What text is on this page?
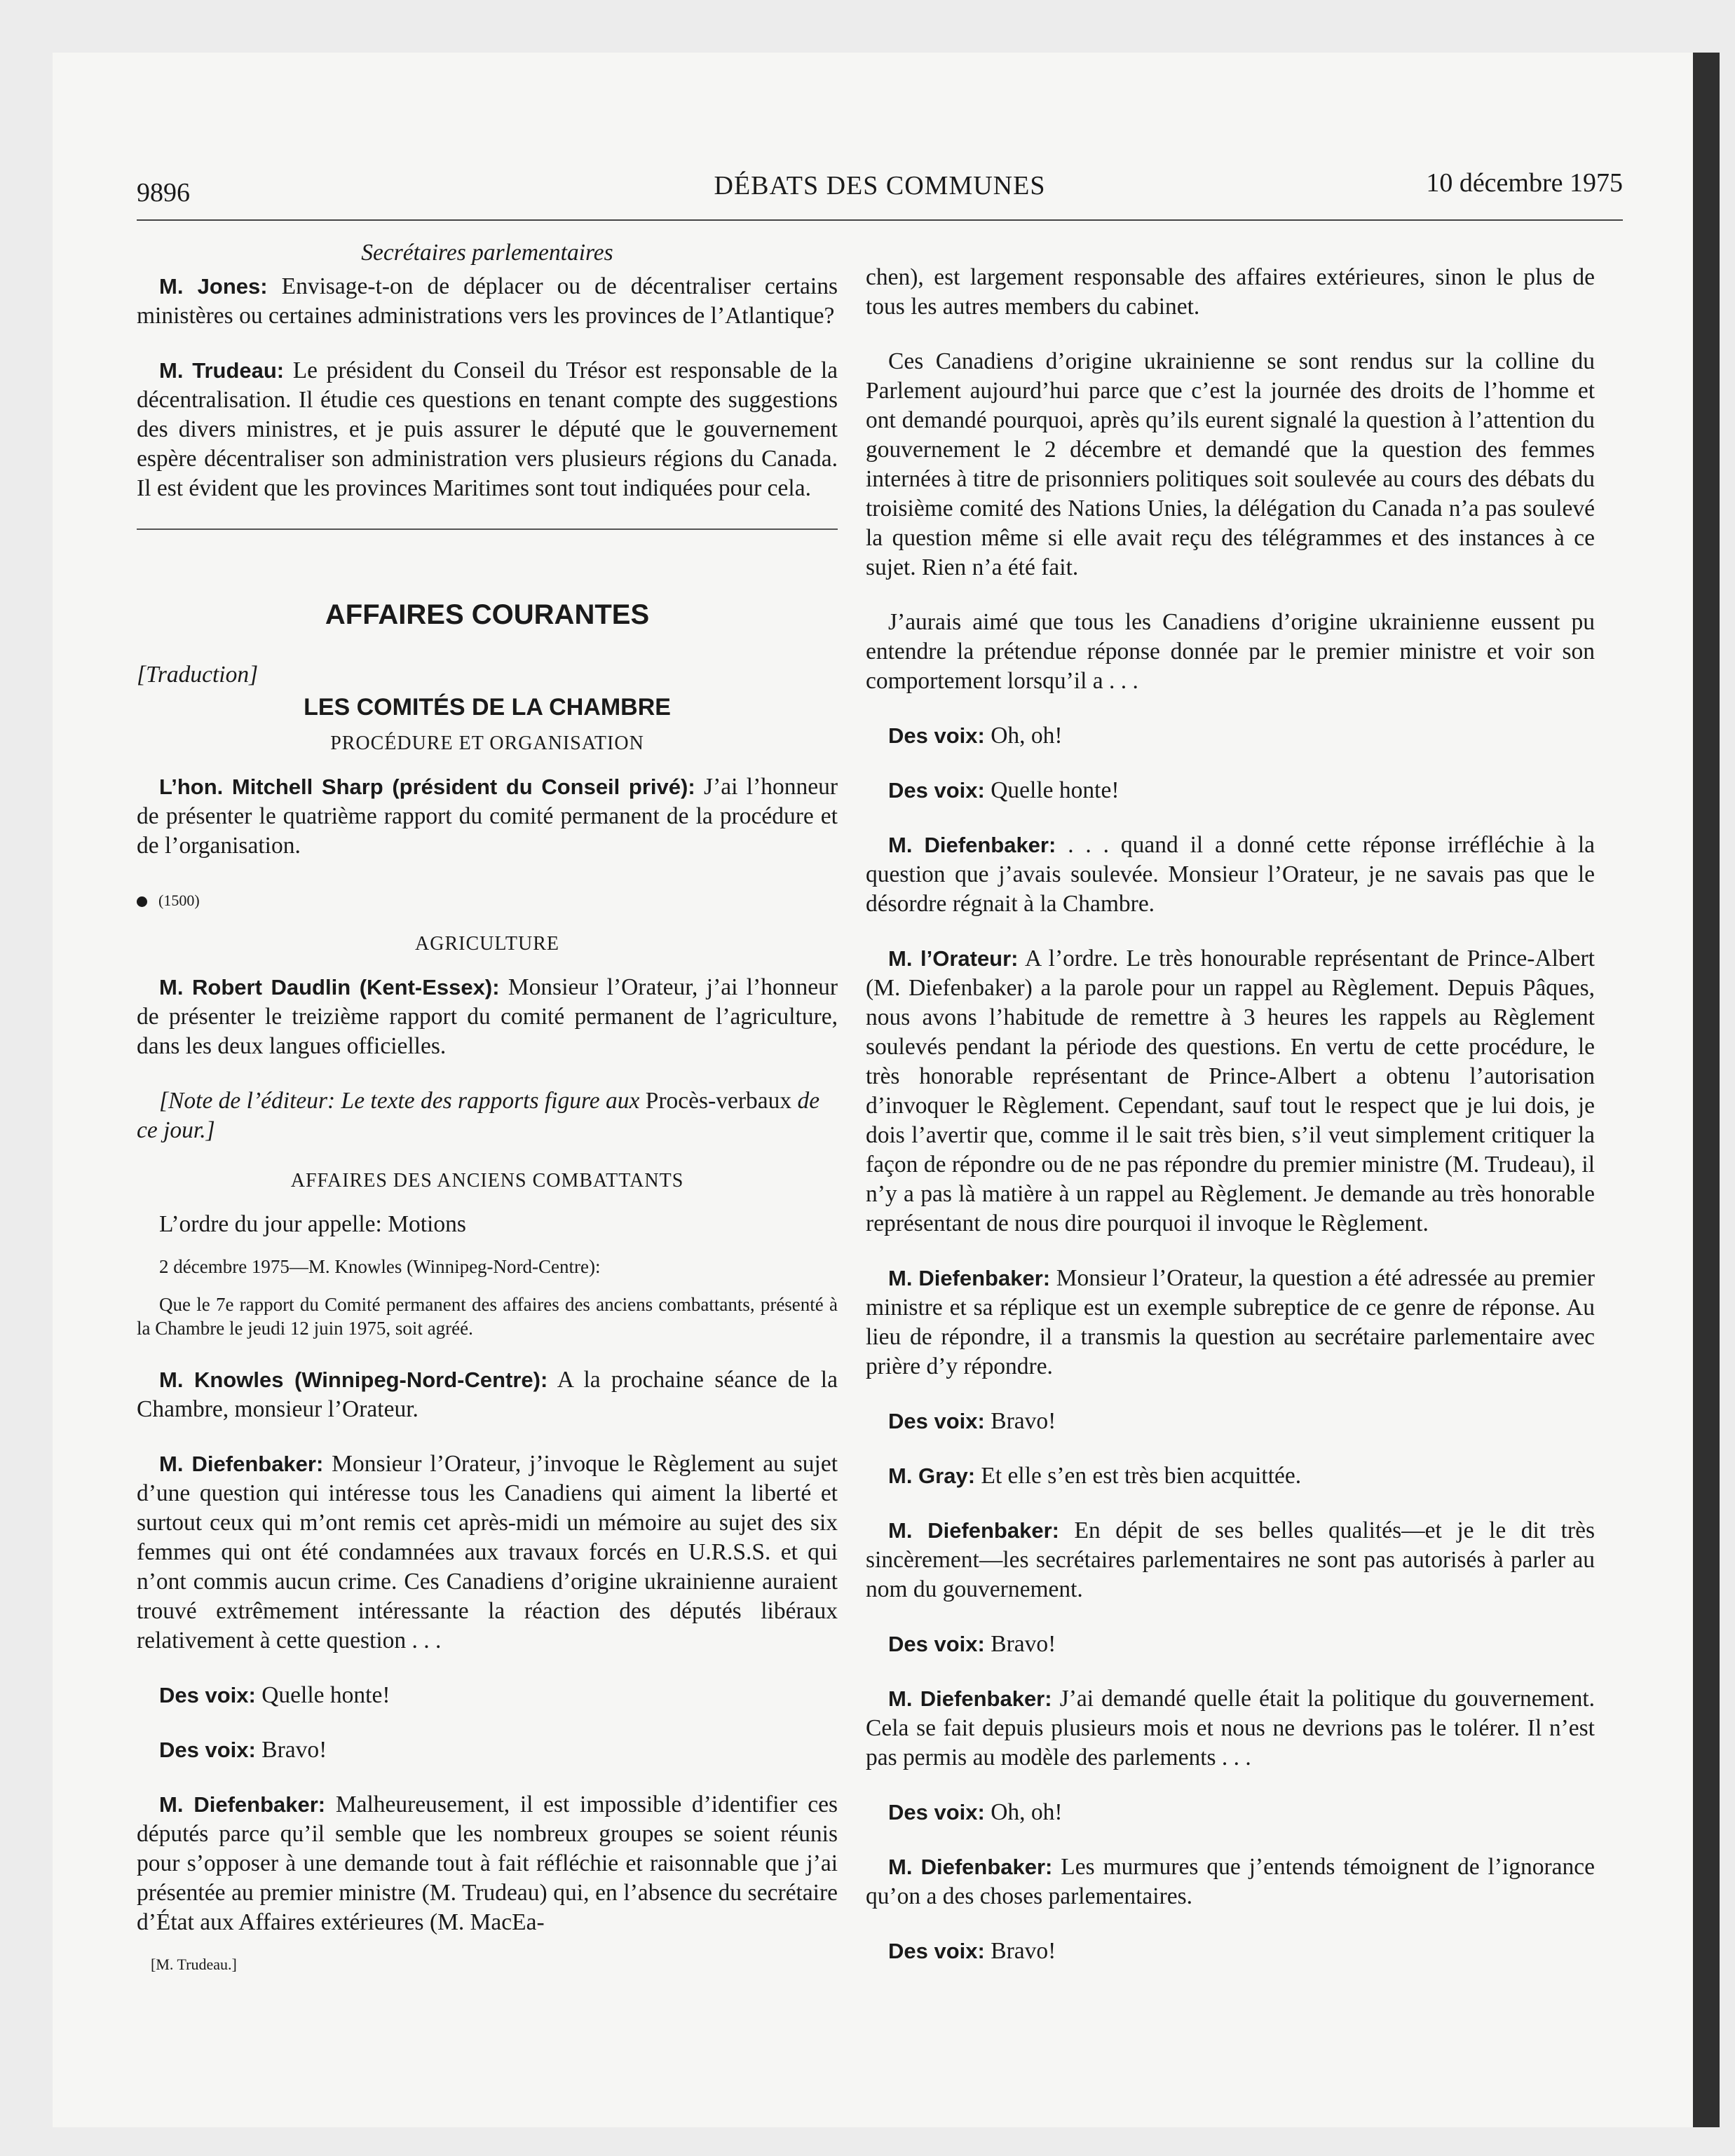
9896	DÉBATS DES COMMUNES	10 décembre 1975
Secrétaires parlementaires

M. Jones: Envisage-t-on de déplacer ou de décentraliser certains ministères ou certaines administrations vers les provinces de l’Atlantique?

M. Trudeau: Le président du Conseil du Trésor est responsable de la décentralisation. Il étudie ces questions en tenant compte des suggestions des divers ministres, et je puis assurer le député que le gouvernement espère décentraliser son administration vers plusieurs régions du Canada. Il est évident que les provinces Maritimes sont tout indiquées pour cela.

AFFAIRES COURANTES
[Traduction]
LES COMITÉS DE LA CHAMBRE
PROCÉDURE ET ORGANISATION

L’hon. Mitchell Sharp (président du Conseil privé): J’ai l’honneur de présenter le quatrième rapport du comité permanent de la procédure et de l’organisation.

(1500)
AGRICULTURE

M. Robert Daudlin (Kent-Essex): Monsieur l’Orateur, j’ai l’honneur de présenter le treizième rapport du comité permanent de l’agriculture, dans les deux langues officielles.

[Note de l’éditeur: Le texte des rapports figure aux Procès-verbaux de ce jour.]
AFFAIRES DES ANCIENS COMBATTANTS
L’ordre du jour appelle: Motions
2 décembre 1975—M. Knowles (Winnipeg-Nord-Centre):
Que le 7e rapport du Comité permanent des affaires des anciens combattants, présenté à la Chambre le jeudi 12 juin 1975, soit agréé.

M. Knowles (Winnipeg-Nord-Centre): A la prochaine séance de la Chambre, monsieur l’Orateur.

M. Diefenbaker: Monsieur l’Orateur, j’invoque le Règlement au sujet d’une question qui intéresse tous les Canadiens qui aiment la liberté et surtout ceux qui m’ont remis cet après-midi un mémoire au sujet des six femmes qui ont été condamnées aux travaux forcés en U.R.S.S. et qui n’ont commis aucun crime. Ces Canadiens d’origine ukrainienne auraient trouvé extrêmement intéressante la réaction des députés libéraux relativement à cette question . . .

Des voix: Quelle honte!

Des voix: Bravo!

M. Diefenbaker: Malheureusement, il est impossible d’identifier ces députés parce qu’il semble que les nombreux groupes se soient réunis pour s’opposer à une demande tout à fait réfléchie et raisonnable que j’ai présentée au premier ministre (M. Trudeau) qui, en l’absence du secrétaire d’État aux Affaires extérieures (M. MacEa-

[M. Trudeau.]

chen), est largement responsable des affaires extérieures, sinon le plus de tous les autres members du cabinet.

Ces Canadiens d’origine ukrainienne se sont rendus sur la colline du Parlement aujourd’hui parce que c’est la journée des droits de l’homme et ont demandé pourquoi, après qu’ils eurent signalé la question à l’attention du gouvernement le 2 décembre et demandé que la question des femmes internées à titre de prisonniers politiques soit soulevée au cours des débats du troisième comité des Nations Unies, la délégation du Canada n’a pas soulevé la question même si elle avait reçu des télégrammes et des instances à ce sujet. Rien n’a été fait.

J’aurais aimé que tous les Canadiens d’origine ukrainienne eussent pu entendre la prétendue réponse donnée par le premier ministre et voir son comportement lorsqu’il a . . .

Des voix: Oh, oh!

Des voix: Quelle honte!

M. Diefenbaker: . . . quand il a donné cette réponse irréfléchie à la question que j’avais soulevée. Monsieur l’Orateur, je ne savais pas que le désordre régnait à la Chambre.

M. l’Orateur: A l’ordre. Le très honourable représentant de Prince-Albert (M. Diefenbaker) a la parole pour un rappel au Règlement. Depuis Pâques, nous avons l’habitude de remettre à 3 heures les rappels au Règlement soulevés pendant la période des questions. En vertu de cette procédure, le très honorable représentant de Prince-Albert a obtenu l’autorisation d’invoquer le Règlement. Cependant, sauf tout le respect que je lui dois, je dois l’avertir que, comme il le sait très bien, s’il veut simplement critiquer la façon de répondre ou de ne pas répondre du premier ministre (M. Trudeau), il n’y a pas là matière à un rappel au Règlement. Je demande au très honorable représentant de nous dire pourquoi il invoque le Règlement.

M. Diefenbaker: Monsieur l’Orateur, la question a été adressée au premier ministre et sa réplique est un exemple subreptice de ce genre de réponse. Au lieu de répondre, il a transmis la question au secrétaire parlementaire avec prière d’y répondre.

Des voix: Bravo!

M. Gray: Et elle s’en est très bien acquittée.

M. Diefenbaker: En dépit de ses belles qualités—et je le dit très sincèrement—les secrétaires parlementaires ne sont pas autorisés à parler au nom du gouvernement.

Des voix: Bravo!

M. Diefenbaker: J’ai demandé quelle était la politique du gouvernement. Cela se fait depuis plusieurs mois et nous ne devrions pas le tolérer. Il n’est pas permis au modèle des parlements . . .

Des voix: Oh, oh!

M. Diefenbaker: Les murmures que j’entends témoignent de l’ignorance qu’on a des choses parlementaires.

Des voix: Bravo!
